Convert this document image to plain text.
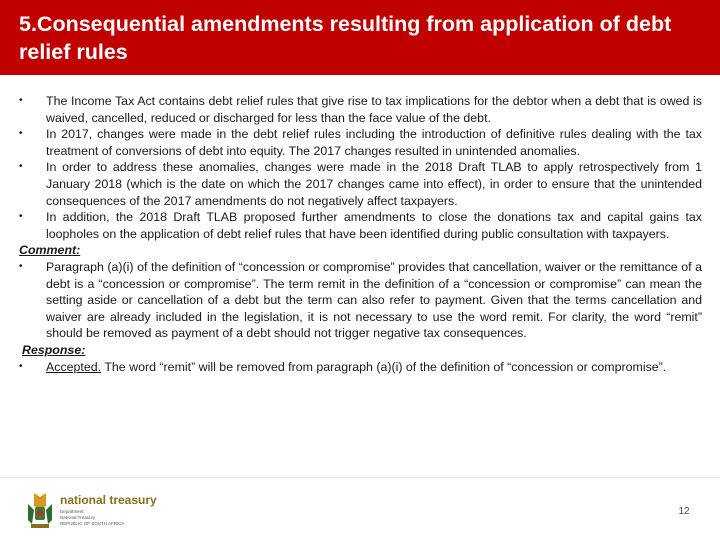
5.Consequential amendments resulting from application of debt relief rules
• The Income Tax Act contains debt relief rules that give rise to tax implications for the debtor when a debt that is owed is waived, cancelled, reduced or discharged for less than the face value of the debt.
• In 2017, changes were made in the debt relief rules including the introduction of definitive rules dealing with the tax treatment of conversions of debt into equity. The 2017 changes resulted in unintended anomalies.
• In order to address these anomalies, changes were made in the 2018 Draft TLAB to apply retrospectively from 1 January 2018 (which is the date on which the 2017 changes came into effect), in order to ensure that the unintended consequences of the 2017 amendments do not negatively affect taxpayers.
• In addition, the 2018 Draft TLAB proposed further amendments to close the donations tax and capital gains tax loopholes on the application of debt relief rules that have been identified during public consultation with taxpayers.
Comment:
• Paragraph (a)(i) of the definition of “concession or compromise” provides that cancellation, waiver or the remittance of a debt is a “concession or compromise”. The term remit in the definition of a “concession or compromise” can mean the setting aside or cancellation of a debt but the term can also refer to payment. Given that the terms cancellation and waiver are already included in the legislation, it is not necessary to use the word remit. For clarity, the word “remit” should be removed as payment of a debt should not trigger negative tax consequences.
Response:
• Accepted. The word “remit” will be removed from paragraph (a)(i) of the definition of “concession or compromise”.
national treasury
Department:
National Treasury
REPUBLIC OF SOUTH AFRICA
12
